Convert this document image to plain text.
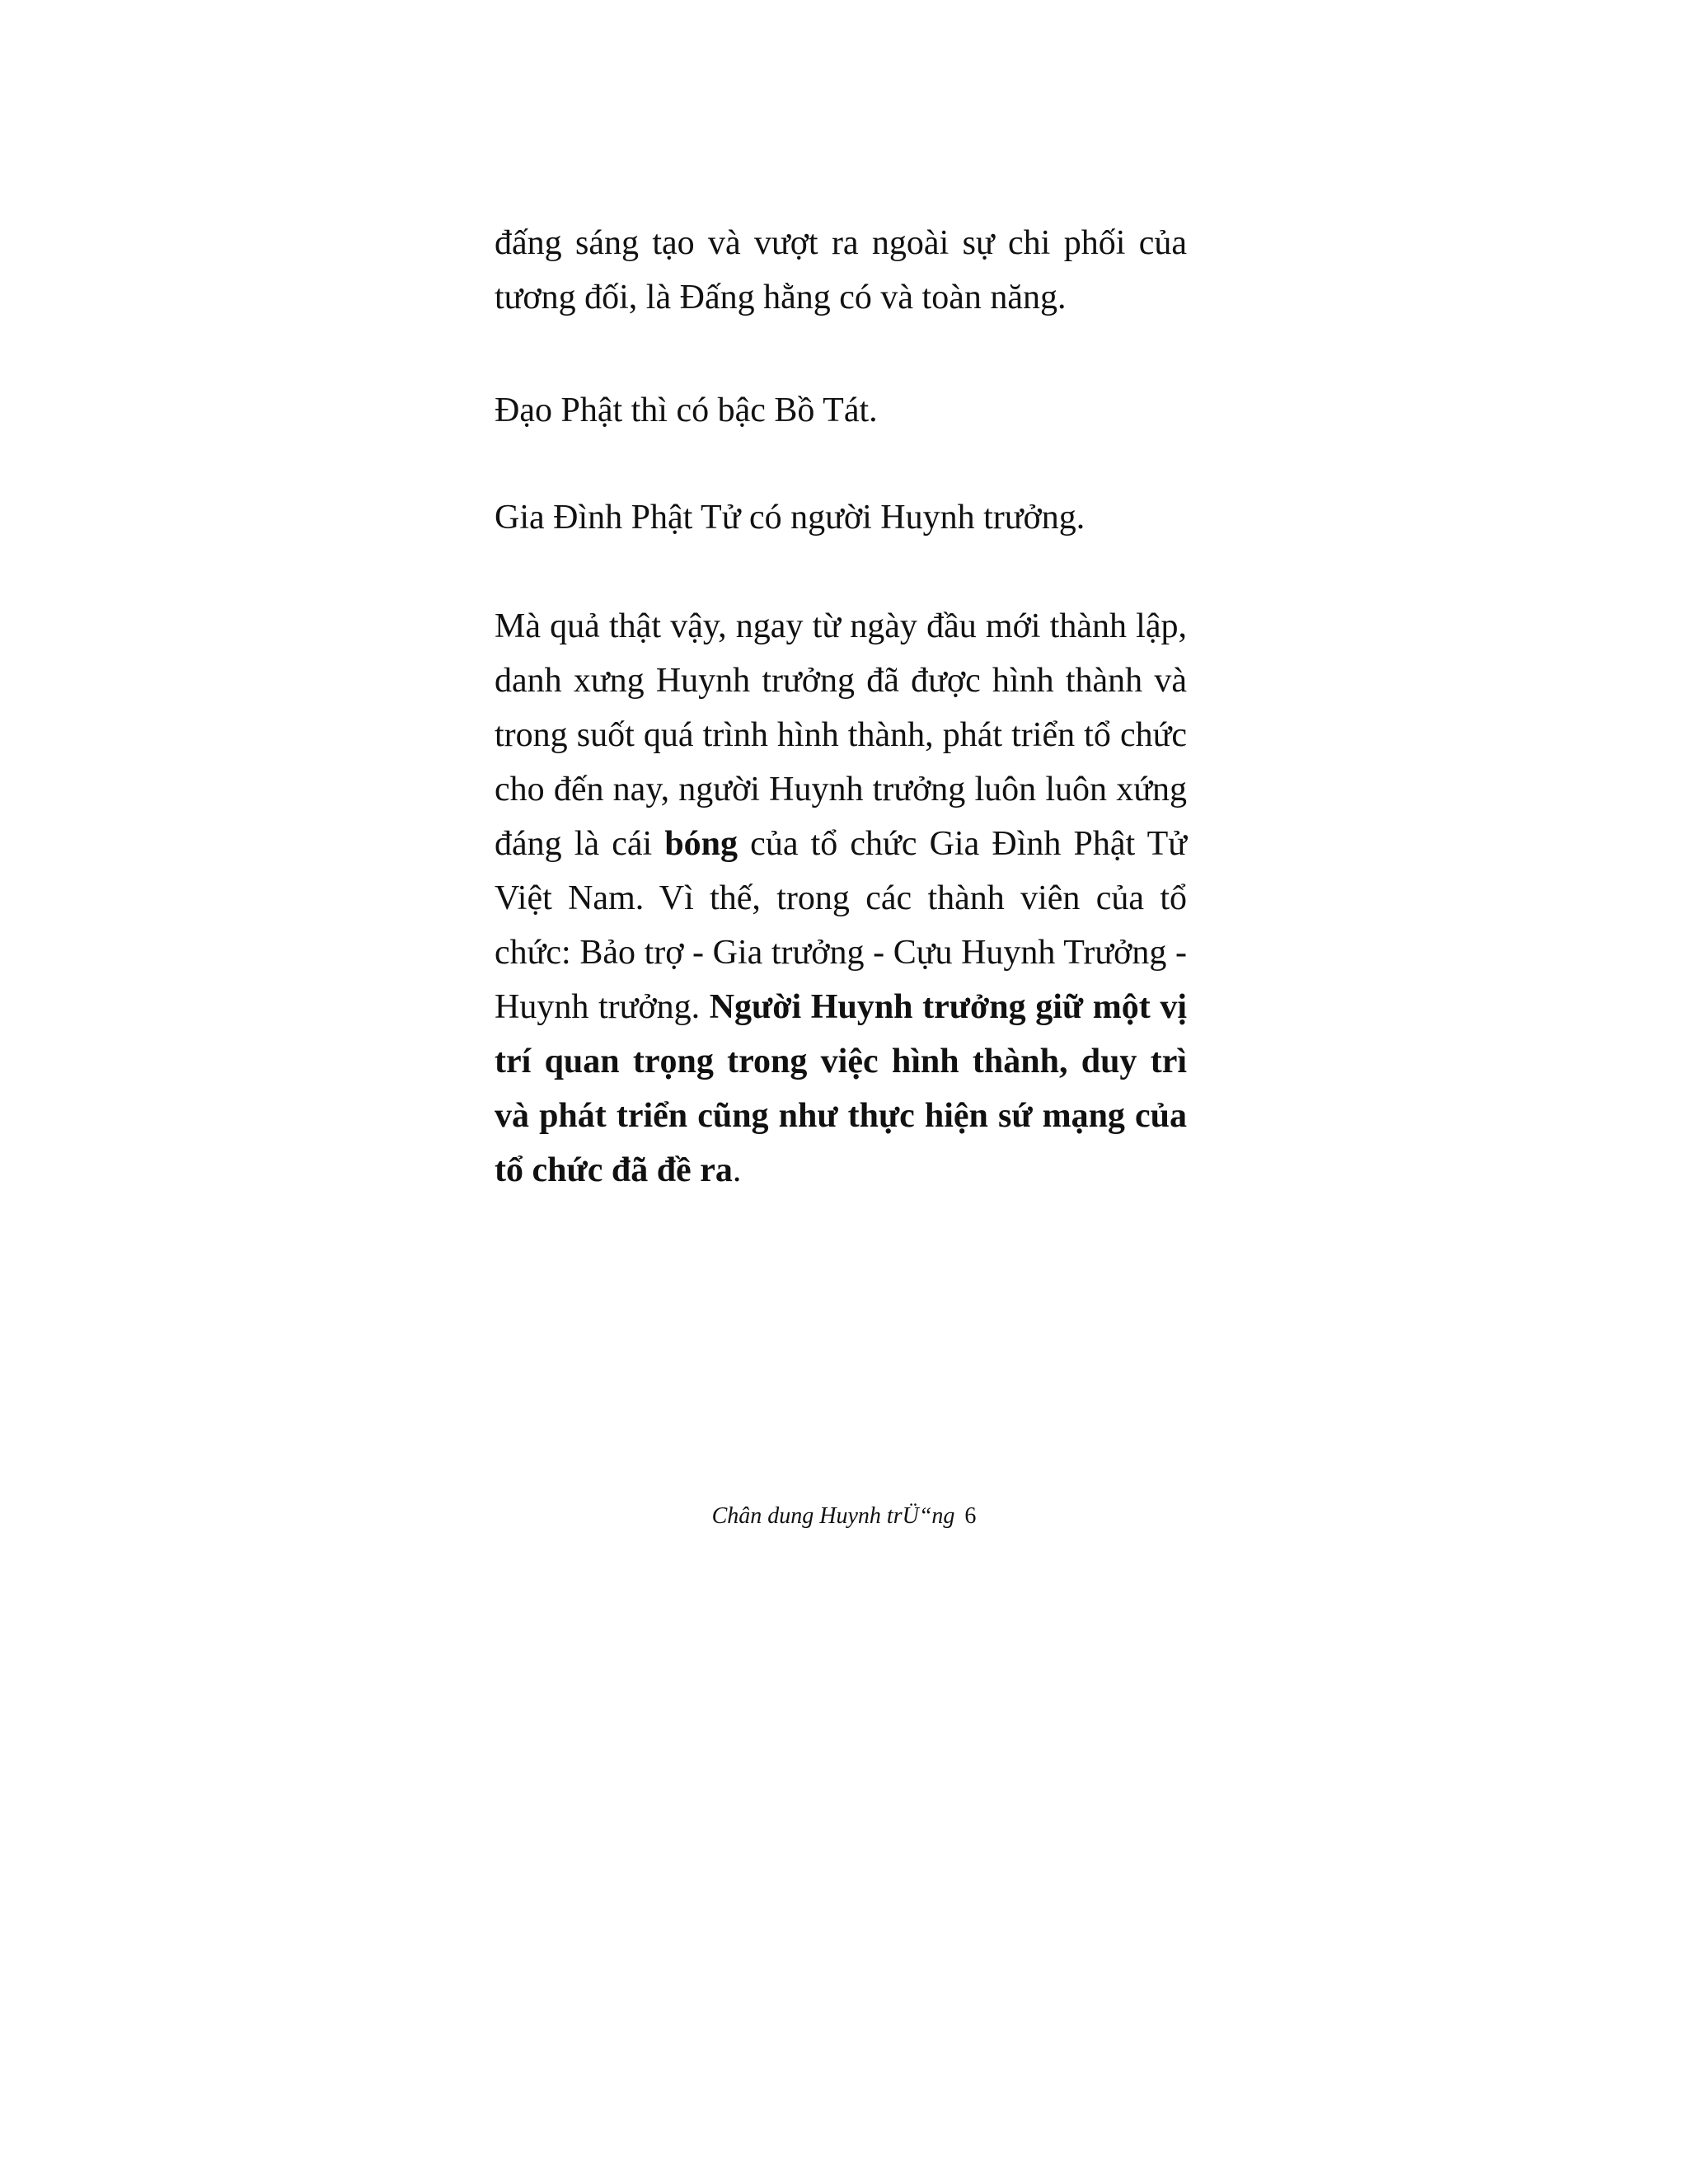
đấng sáng tạo và vượt ra ngoài sự chi phối của tương đối, là Đấng hằng có và toàn năng.

Đạo Phật thì có bậc Bồ Tát.

Gia Đình Phật Tử có người Huynh trưởng.

Mà quả thật vậy, ngay từ ngày đầu mới thành lập, danh xưng Huynh trưởng đã được hình thành và trong suốt quá trình hình thành, phát triển tổ chức cho đến nay, người Huynh trưởng luôn luôn xứng đáng là cái bóng của tổ chức Gia Đình Phật Tử Việt Nam. Vì thế, trong các thành viên của tổ chức: Bảo trợ - Gia trưởng - Cựu Huynh Trưởng - Huynh trưởng. Người Huynh trưởng giữ một vị trí quan trọng trong việc hình thành, duy trì và phát triển cũng như thực hiện sứ mạng của tổ chức đã đề ra.

Chân dung Huynh trÜ“ng 6
